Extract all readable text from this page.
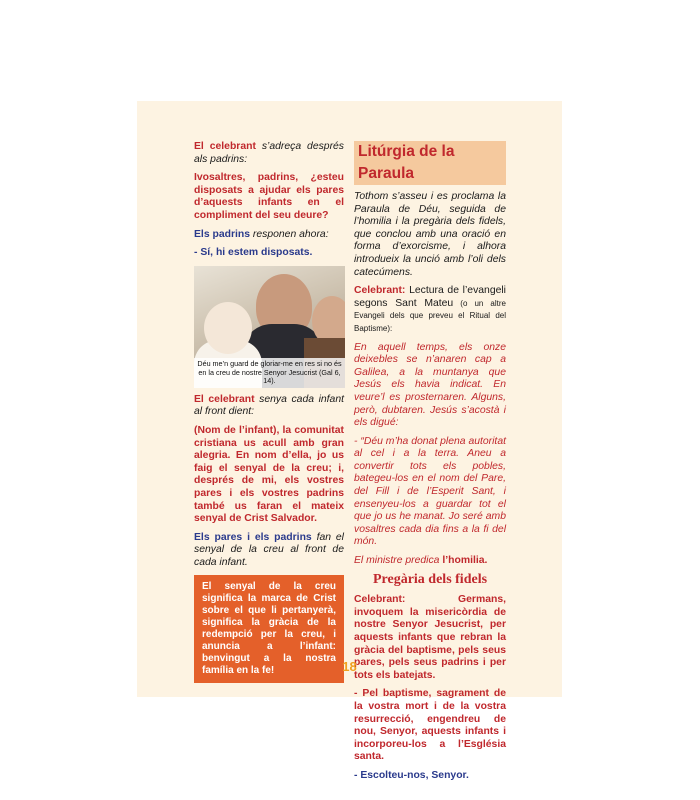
El celebrant s’adreça després als padrins:

Ivosaltres, padrins, ¿esteu disposats a ajudar els pares d’aquests infants en el compliment del seu deure?

Els padrins responen ahora:

- Sí, hi estem disposats.

Déu me’n guard de gloriar-me en res si no és en la creu de nostre Senyor Jesucrist (Gal 6, 14).

El celebrant senya cada infant al front dient:

(Nom de l’infant), la comunitat cristiana us acull amb gran alegria. En nom d’ella, jo us faig el senyal de la creu; i, després de mi, els vostres pares i els vostres padrins també us faran el mateix senyal de Crist Salvador.

Els pares i els padrins fan el senyal de la creu al front de cada infant.

El senyal de la creu significa la marca de Crist sobre el que li pertanyerà, significa la gràcia de la redempció per la creu, i anuncia a l’infant: benvingut a la nostra família en la fe!
Litúrgia de la Paraula

Tothom s’asseu i es proclama la Paraula de Déu, seguida de l’homilia i la pregària dels fidels, que conclou amb una oració en forma d’exorcisme, i alhora introdueix la unció amb l’oli dels catecúmens.

Celebrant: Lectura de l’evangeli segons Sant Mateu (o un altre Evangeli dels que preveu el Ritual del Baptisme):

En aquell temps, els onze deixebles se n’anaren cap a Galilea, a la muntanya que Jesús els havia indicat. En veure’l es prosternaren. Alguns, però, dubtaren. Jesús s’acostà i els digué:

- “Déu m’ha donat plena autoritat al cel i a la terra. Aneu a convertir tots els pobles, bategeu-los en el nom del Pare, del Fill i de l’Esperit Sant, i ensenyeu-los a guardar tot el que jo us he manat. Jo seré amb vosaltres cada dia fins a la fi del món.

El ministre predica l’homilia.

Pregària dels fidels

Celebrant: Germans, invoquem la misericòrdia de nostre Senyor Jesucrist, per aquests infants que rebran la gràcia del baptisme, pels seus pares, pels seus padrins i per tots els batejats.

- Pel baptisme, sagrament de la vostra mort i de la vostra resurrecció, engendreu de nou, Senyor, aquests infants i incorporeu-los a l’Església santa.

- Escolteu-nos, Senyor.

18
